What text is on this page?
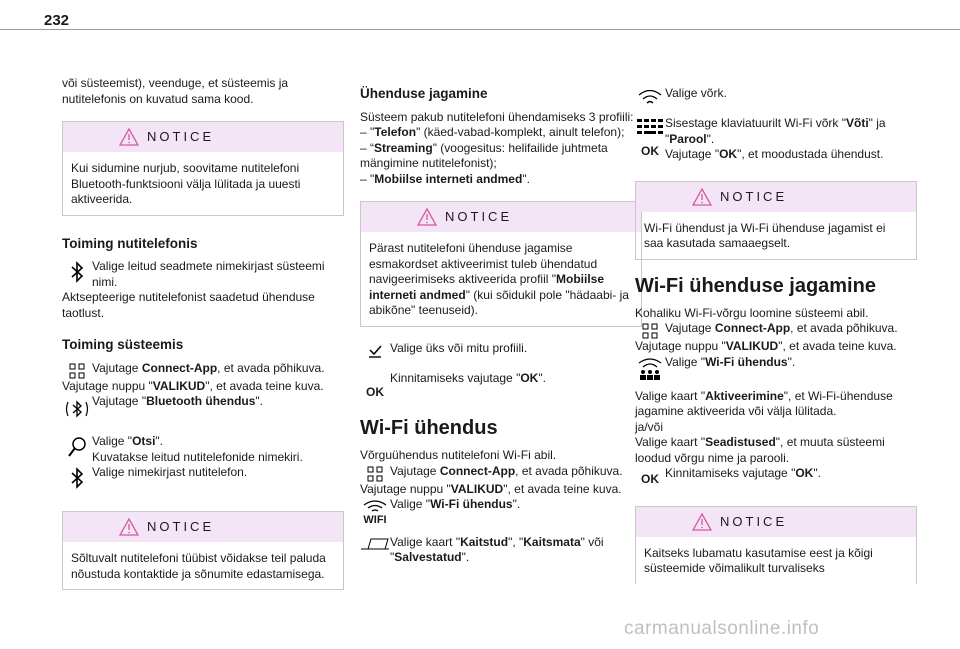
232

või süsteemist), veenduge, et süsteemis ja nutitelefonis on kuvatud sama kood.

NOTICE
Kui sidumine nurjub, soovitame nutitelefoni Bluetooth-funktsiooni välja lülitada ja uuesti aktiveerida.

Toiming nutitelefonis

Valige leitud seadmete nimekirjast süsteemi nimi.

Aktsepteerige nutitelefonist saadetud ühenduse taotlust.

Toiming süsteemis

Vajutage Connect-App, et avada põhikuva.

Vajutage nuppu "VALIKUD", et avada teine kuva.

Vajutage "Bluetooth ühendus".
Valige "Otsi".
Kuvatakse leitud nutitelefonide nimekiri.
Valige nimekirjast nutitelefon.
NOTICE
Sõltuvalt nutitelefoni tüübist võidakse teil paluda nõustuda kontaktide ja sõnumite edastamisega.

Ühenduse jagamine

Süsteem pakub nutitelefoni ühendamiseks 3 profiili:

– "Telefon" (käed-vabad-komplekt, ainult telefon);

– “Streaming" (voogesitus: helifailide juhtmeta mängimine nutitelefonist);

– "Mobiilse interneti andmed".

NOTICE
Pärast nutitelefoni ühenduse jagamise esmakordset aktiveerimist tuleb ühendatud navigeerimiseks aktiveerida profiil "Mobiilse interneti andmed" (kui sõidukil pole "hädaabi- ja abikõne" teenuseid).
Valige üks või mitu profiili.
OK
Kinnitamiseks vajutage "OK".

Wi-Fi ühendus

Võrguühendus nutitelefoni Wi-Fi abil.

Vajutage Connect-App, et avada põhikuva.

Vajutage nuppu "VALIKUD", et avada teine kuva.

WIFI
Valige "Wi-Fi ühendus".
Valige kaart "Kaitstud", "Kaitsmata" või "Salvestatud".
Valige võrk.
OK
Sisestage klaviatuurilt Wi-Fi võrk "Võti" ja "Parool".
Vajutage "OK", et moodustada ühendust.
NOTICE
Wi-Fi ühendust ja Wi-Fi ühenduse jagamist ei saa kasutada samaaegselt.

Wi-Fi ühenduse jagamine

Kohaliku Wi-Fi-võrgu loomine süsteemi abil.

Vajutage Connect-App, et avada põhikuva.

Vajutage nuppu "VALIKUD", et avada teine kuva.

Valige "Wi-Fi ühendus".

Valige kaart "Aktiveerimine", et Wi-Fi-ühenduse jagamine aktiveerida või välja lülitada.

ja/või

Valige kaart "Seadistused", et muuta süsteemi loodud võrgu nime ja parooli.

OK Kinnitamiseks vajutage "OK".
NOTICE
Kaitseks lubamatu kasutamise eest ja kõigi süsteemide võimalikult turvaliseks
carmanualsonline.info
